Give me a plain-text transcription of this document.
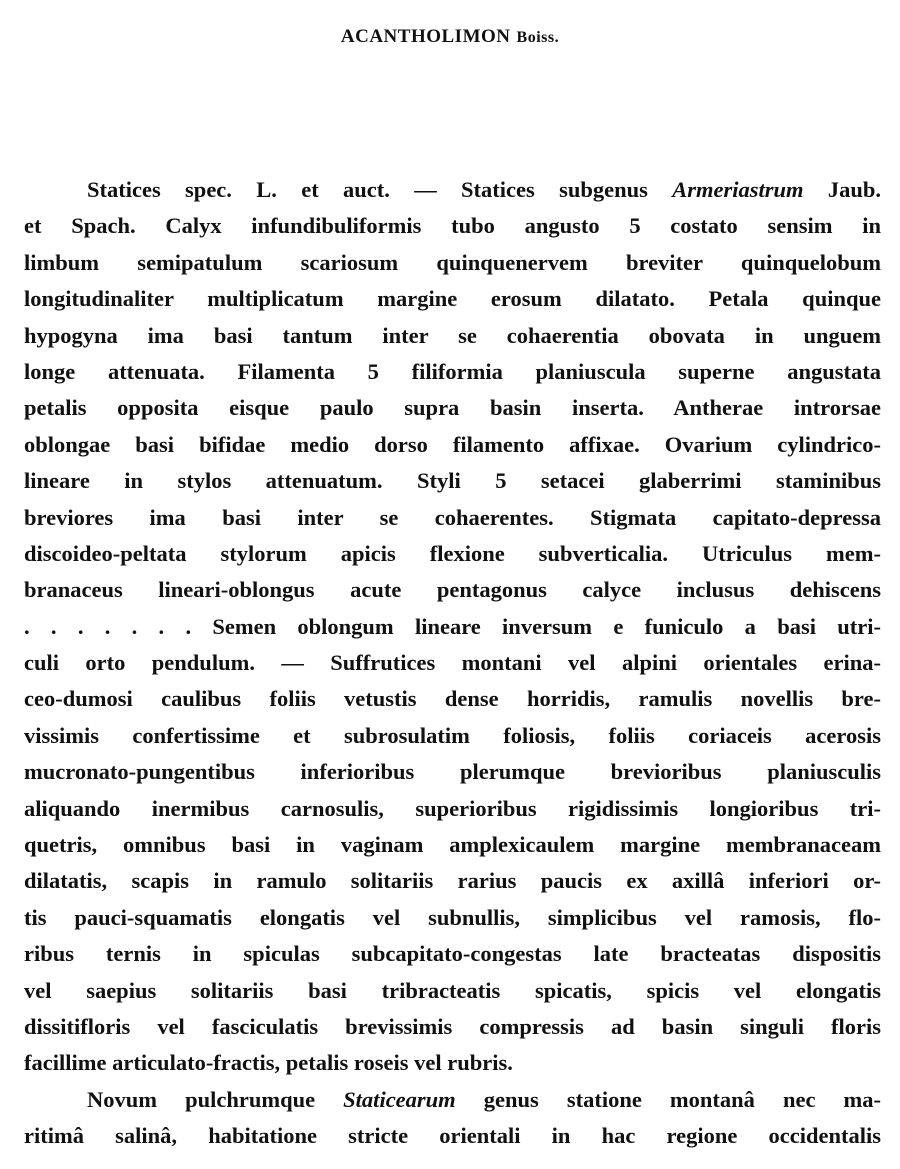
ACANTHOLIMON Boiss.
Statices spec. L. et auct. — Statices subgenus Armeriastrum Jaub.
et Spach. Calyx infundibuliformis tubo angusto 5 costato sensim in
limbum semipatulum scariosum quinquenervem breviter quinquelobum
longitudinaliter multiplicatum margine erosum dilatato. Petala quinque
hypogyna ima basi tantum inter se cohaerentia obovata in unguem
longe attenuata. Filamenta 5 filiformia planiuscula superne angustata
petalis opposita eisque paulo supra basin inserta. Antherae introrsae
oblongae basi bifidae medio dorso filamento affixae. Ovarium cylindrico-
lineare in stylos attenuatum. Styli 5 setacei glaberrimi staminibus
breviores ima basi inter se cohaerentes. Stigmata capitato-depressa
discoideo-peltata stylorum apicis flexione subverticalia. Utriculus mem-
branaceus lineari-oblongus acute pentagonus calyce inclusus dehiscens
. . . . . . . Semen oblongum lineare inversum e funiculo a basi utri-
culi orto pendulum. — Suffrutices montani vel alpini orientales erina-
ceo-dumosi caulibus foliis vetustis dense horridis, ramulis novellis bre-
vissimis confertissime et subrosulatim foliosis, foliis coriaceis acerosis
mucronato-pungentibus inferioribus plerumque brevioribus planiusculis
aliquando inermibus carnosulis, superioribus rigidissimis longioribus tri-
quetris, omnibus basi in vaginam amplexicaulem margine membranaceam
dilatatis, scapis in ramulo solitariis rarius paucis ex axillâ inferiori or-
tis pauci-squamatis elongatis vel subnullis, simplicibus vel ramosis, flo-
ribus ternis in spiculas subcapitato-congestas late bracteatas dispositis
vel saepius solitariis basi tribracteatis spicatis, spicis vel elongatis
dissitifloris vel fasciculatis brevissimis compressis ad basin singuli floris
facillime articulato-fractis, petalis roseis vel rubris.
Novum pulchrumque Staticearum genus statione montanâ nec ma-
ritimâ salinâ, habitatione stricte orientali in hac regione occidentalis
